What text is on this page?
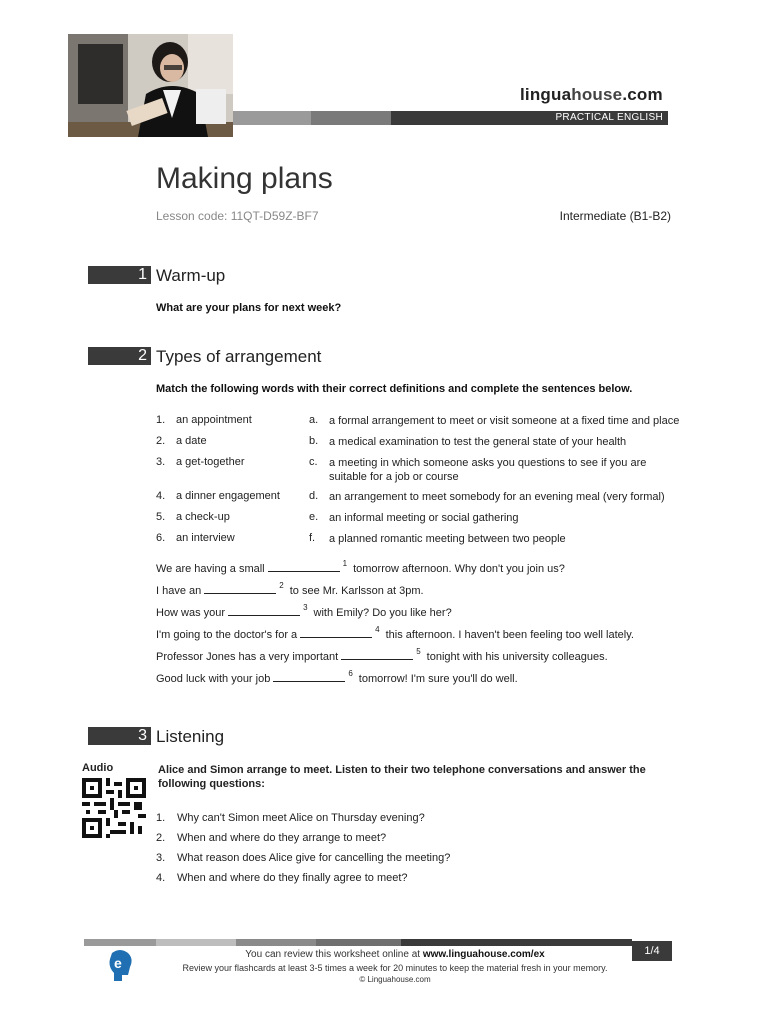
linguahouse.com
PRACTICAL ENGLISH
Making plans
Lesson code: 11QT-D59Z-BF7	Intermediate (B1-B2)
1 Warm-up
What are your plans for next week?
2 Types of arrangement
Match the following words with their correct definitions and complete the sentences below.
1. an appointment	a. a formal arrangement to meet or visit someone at a fixed time and place
2. a date	b. a medical examination to test the general state of your health
3. a get-together	c.	a meeting in which someone asks you questions to see if you are suitable for a job or course
4. a dinner engagement	d. an arrangement to meet somebody for an evening meal (very formal)
5. a check-up	e. an informal meeting or social gathering
6. an interview	f.	a planned romantic meeting between two people
We are having a small	$^1$ tomorrow afternoon. Why don't you join us?
I have an	$^2$ to see Mr. Karlsson at 3pm.
How was your	$^3$ with Emily? Do you like her?
I'm going to the doctor's for a	$^4$ this afternoon. I haven't been feeling too well lately.
Professor Jones has a very important	$^5$ tonight with his university colleagues.
Good luck with your job	$^6$ tomorrow! I'm sure you'll do well.
3 Listening
Audio	Alice and Simon arrange to meet. Listen to their two telephone conversations and answer the following questions:
1.	Why can't Simon meet Alice on Thursday evening?
2.	When and where do they arrange to meet?
3.	What reason does Alice give for cancelling the meeting?
4.	When and where do they finally agree to meet?
1/4
e
You can review this worksheet online at www.linguahouse.com/ex
Review your flashcards at least 3-5 times a week for 20 minutes to keep the material fresh in your memory.
© Linguahouse.com
